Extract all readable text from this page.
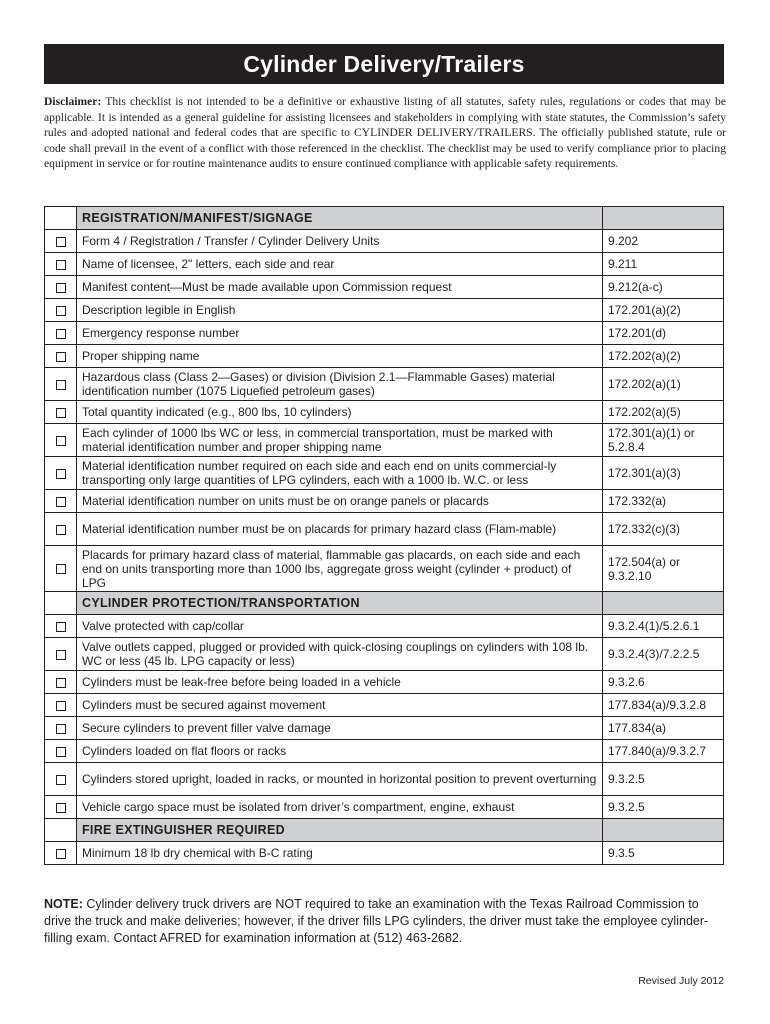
Cylinder Delivery/Trailers
Disclaimer: This checklist is not intended to be a definitive or exhaustive listing of all statutes, safety rules, regulations or codes that may be applicable. It is intended as a general guideline for assisting licensees and stakeholders in complying with state statutes, the Commission’s safety rules and adopted national and federal codes that are specific to CYLINDER DELIVERY/TRAILERS. The officially published statute, rule or code shall prevail in the event of a conflict with those referenced in the checklist. The checklist may be used to verify compliance prior to placing equipment in service or for routine maintenance audits to ensure continued compliance with applicable safety requirements.
	REGISTRATION/MANIFEST/SIGNAGE	
	Form 4 / Registration / Transfer / Cylinder Delivery Units	9.202
	Name of licensee, 2" letters, each side and rear	9.211
	Manifest content—Must be made available upon Commission request	9.212(a-c)
	Description legible in English	172.201(a)(2)
	Emergency response number	172.201(d)
	Proper shipping name	172.202(a)(2)
	Hazardous class (Class 2—Gases) or division (Division 2.1—Flammable Gases) material identification number (1075 Liquefied petroleum gases)	172.202(a)(1)
	Total quantity indicated (e.g., 800 lbs, 10 cylinders)	172.202(a)(5)
	Each cylinder of 1000 lbs WC or less, in commercial transportation, must be marked with material identification number and proper shipping name	172.301(a)(1) or 5.2.8.4
	Material identification number required on each side and each end on units commercial-ly transporting only large quantities of LPG cylinders, each with a 1000 lb. W.C. or less	172.301(a)(3)
	Material identification number on units must be on orange panels or placards	172.332(a)
	Material identification number must be on placards for primary hazard class (Flam-mable)	172.332(c)(3)
	Placards for primary hazard class of material, flammable gas placards, on each side and each end on units transporting more than 1000 lbs, aggregate gross weight (cylinder + product) of LPG	172.504(a) or 9.3.2.10
	CYLINDER PROTECTION/TRANSPORTATION	
	Valve protected with cap/collar	9.3.2.4(1)/5.2.6.1
	Valve outlets capped, plugged or provided with quick-closing couplings on cylinders with 108 lb. WC or less (45 lb. LPG capacity or less)	9.3.2.4(3)/7.2.2.5
	Cylinders must be leak-free before being loaded in a vehicle	9.3.2.6
	Cylinders must be secured against movement	177.834(a)/9.3.2.8
	Secure cylinders to prevent filler valve damage	177.834(a)
	Cylinders loaded on flat floors or racks	177.840(a)/9.3.2.7
	Cylinders stored upright, loaded in racks, or mounted in horizontal position to prevent overturning	9.3.2.5
	Vehicle cargo space must be isolated from driver’s compartment, engine, exhaust	9.3.2.5
	FIRE EXTINGUISHER REQUIRED	
	Minimum 18 lb dry chemical with B-C rating	9.3.5
NOTE: Cylinder delivery truck drivers are NOT required to take an examination with the Texas Railroad Commission to drive the truck and make deliveries; however, if the driver fills LPG cylinders, the driver must take the employee cylinder-filling exam. Contact AFRED for examination information at (512) 463-2682.
Revised July 2012
